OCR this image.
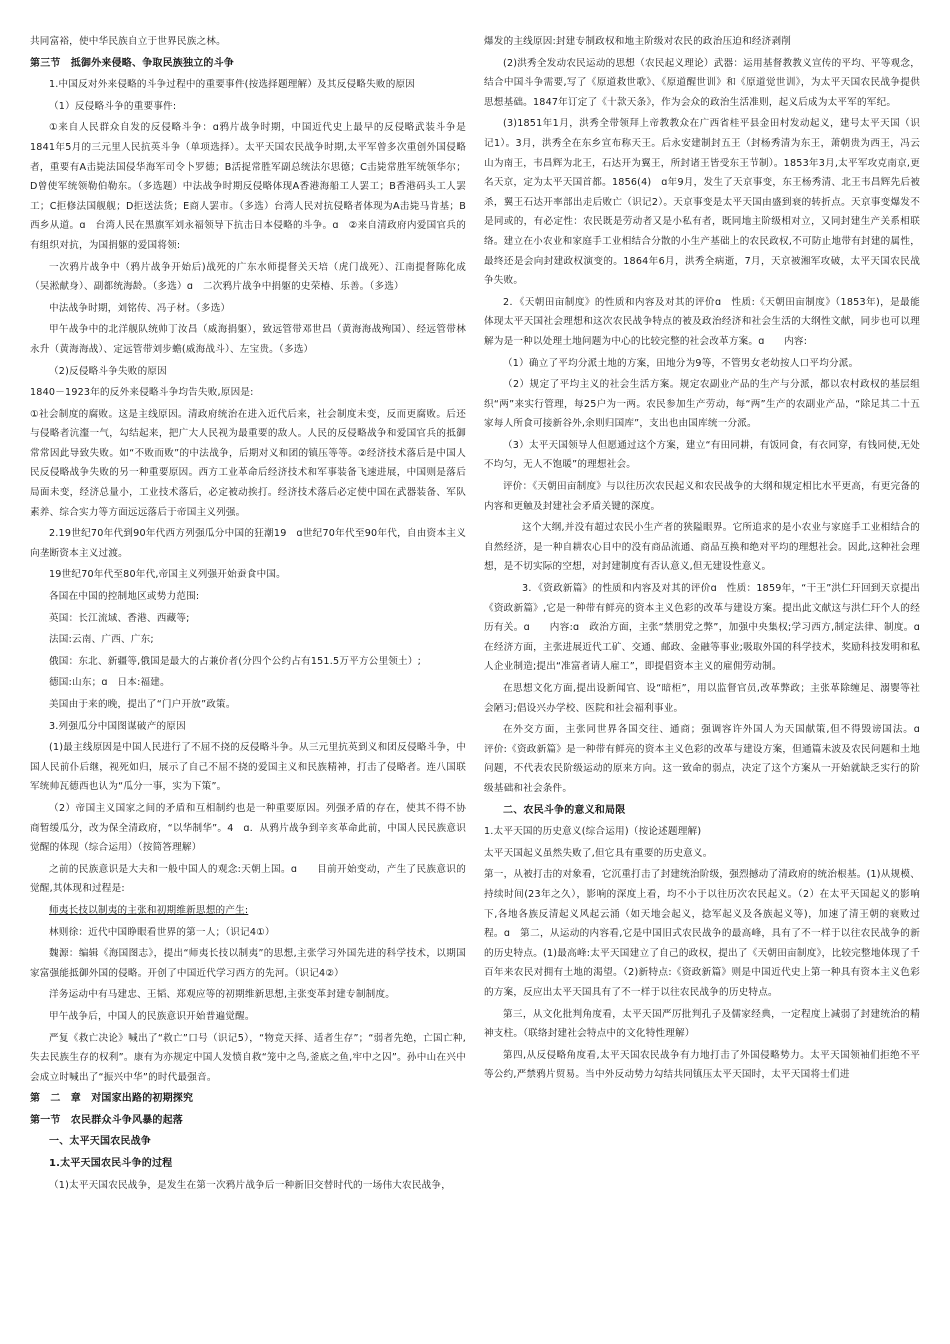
共同富裕，使中华民族自立于世界民族之林。

第三节　抵御外来侵略、争取民族独立的斗争

1.中国反对外来侵略的斗争过程中的重要事件(按选择题理解）及其反侵略失败的原因

（1）反侵略斗争的重要事件:

①来自人民群众自发的反侵略斗争：ɑ鸦片战争时期，中国近代史上最早的反侵略武装斗争是1841年5月的三元里人民抗英斗争（单项选择）。太平天国农民战争时期,太平军曾多次重创外国侵略者，重要有A击毙法国侵华海军司令卜罗德；B活捉常胜军副总统法尔思德；C击毙常胜军统领华尔；D曾使军统领勒伯勒东。（多选题）中法战争时期反侵略体现A香港海船工人罢工；B香港码头工人罢工；C拒修法国舰舰；D拒送法货；E商人罢市。（多选）台湾人民对抗侵略者体现为A击毙马肯基；B西乡从道。ɑ　台湾人民在黑旗军刘永福领导下抗击日本侵略的斗争。ɑ　②来自清政府内爱国官兵的有组织对抗，为国捐躯的爱国将领:

一次鸦片战争中（鸦片战争开始后)战死的广东水师提督关天培（虎门战死）、江南提督陈化成（吴淞献身）、副都统海龄。（多选）ɑ　二次鸦片战争中捐躯的史荣椿、乐善。（多选）

中法战争时期，刘铭传、冯子材。（多选）

甲午战争中的北洋舰队统帅丁汝昌（威海捐躯），致远管带邓世昌（黄海海战殉国）、经远管带林永升（黄海海战）、定远管带刘步蟾(威海战斗）、左宝贵。（多选）

（2)反侵略斗争失败的原因

1840－1923年的反外来侵略斗争均告失败,原因是:

①社会制度的腐败。这是主线原因。清政府统治在进入近代后来，社会制度未变，反而更腐败。后还与侵略者沆瀣一气，勾结起来，把广大人民视为最重要的敌人。人民的反侵略战争和爱国官兵的抵御常常因此导致失败。如“不败而败”的中法战争，后期对义和团的镇压等等。②经济技术落后是中国人民反侵略战争失败的另一种重要原因。西方工业革命后经济技术和军事装备飞速进展，中国则是落后局面未变，经济总量小，工业技术落后，必定被动挨打。经济技术落后必定使中国在武器装备、军队素养、综合实力等方面远远落后于帝国主义列强。

2.19世纪70年代到90年代西方列强瓜分中国的狂潮19　ɑ世纪70年代至90年代，自由资本主义向垄断资本主义过渡。

19世纪70年代至80年代,帝国主义列强开始蚕食中国。

各国在中国的控制地区或势力范围:

英国：长江流域、香港、西藏等;

法国:云南、广西、广东;

俄国：东北、新疆等,俄国是最大的占兼价者(分四个公约占有151.5万平方公里领土）;

德国:山东；ɑ　日本:福建。

美国由于来的晚，提出了“门户开放”政策。

3.列强瓜分中国图谋破产的原因

(1)最主线原因是中国人民进行了不屈不挠的反侵略斗争。从三元里抗英到义和团反侵略斗争，中国人民前仆后继，视死如归，展示了自己不屈不挠的爱国主义和民族精神，打击了侵略者。连八国联军统帅瓦德西也认为“瓜分一事，实为下策”。

（2）帝国主义国家之间的矛盾和互相制约也是一种重要原因。列强矛盾的存在，使其不得不协商暂缓瓜分，改为保全清政府，“以华制华”。4　ɑ．从鸦片战争到辛亥革命此前，中国人民民族意识觉醒的体现（综合运用）（按简答理解）

之前的民族意识是大夫和一般中国人的观念:天朝上国。ɑ　　目前开始变动，产生了民族意识的觉醒,其体现和过程是:

师夷长技以制夷的主张和初期维新思想的产生:

林则徐：近代中国睁眼看世界的第一人；（识记4①）

魏源：编辑《海国图志》，提出“师夷长技以制夷”的思想,主张学习外国先进的科学技术，以期国家富强能抵御外国的侵略。开创了中国近代学习西方的先河。（识记4②）

洋务运动中有马建忠、王韬、郑观应等的初期维新思想,主张变革封建专制制度。

甲午战争后，中国人的民族意识开始普遍觉醒。

严复《救亡决论》喊出了“救亡”口号（识记5），“物竞天择、适者生存”；“弱者先绝，亡国亡种,失去民族生存的权利”。康有为亦规定中国人发愤自救“笼中之鸟,釜底之鱼,牢中之囚”。孙中山在兴中会成立时喊出了“振兴中华”的时代最强音。

第　二　章　对国家出路的初期探究

第一节　农民群众斗争风暴的起落

一、太平天国农民战争

1.太平天国农民斗争的过程

（1)太平天国农民战争，是发生在第一次鸦片战争后一种新旧交替时代的一场伟大农民战争，

爆发的主线原因:封建专制政权和地主阶级对农民的政治压迫和经济剥削

(2)洪秀全发动农民运动的思想（农民起义理论）武器：运用基督教教义宣传的平均、平等观念，结合中国斗争需要,写了《原道救世歌》、《原道醒世训》和《原道觉世训》，为太平天国农民战争提供思想基础。1847年订定了《十款天条》，作为会众的政治生活准则，起义后成为太平军的军纪。

(3)1851年1月，洪秀全带领拜上帝教教众在广西省桂平县金田村发动起义，建号太平天国（识记1）。3月，洪秀全在东乡宣布称天王。后永安建制封五王（封杨秀清为东王，萧朝贵为西王，冯云山为南王，韦昌辉为北王，石达开为翼王，所封诸王皆受东王节制）。1853年3月,太平军攻克南京,更名天京，定为太平天国首都。1856(4)　ɑ年9月，发生了天京事变，东王杨秀清、北王韦昌辉先后被杀，翼王石达开率部出走后败亡（识记2）。天京事变是太平天国由盛到衰的转折点。天京事变爆发不是同或的，有必定性：农民既是劳动者又是小私有者，既同地主阶级相对立，又同封建生产关系相联络。建立在小农业和家庭手工业相结合分散的小生产基础上的农民政权,不可防止地带有封建的属性，最终还是会向封建政权演变的。1864年6月，洪秀全病逝，7月，天京被湘军攻破，太平天国农民战争失败。

2．《天朝田亩制度》的性质和内容及对其的评价ɑ　性质:《天朝田亩制度》（1853年)，是最能体现太平天国社会理想和这次农民战争特点的被及政治经济和社会生活的大纲性文献，同步也可以理解为是一种以处理土地问题为中心的比较完整的社会改革方案。ɑ　　内容:

（1）确立了平均分派土地的方案，田地分为9等，不管男女老幼按人口平均分派。

（2）规定了平均主义的社会生活方案。规定农副业产品的生产与分派，都以农村政权的基层组织“两”来实行管理，每25户为一两。农民参加生产劳动，每“两”生产的农副业产品，“除足其二十五家每人所食可接新谷外,余则归国库”，支出也由国库统一分派。

（3）太平天国领导人但愿通过这个方案，建立“有田同耕，有饭同食，有衣同穿，有钱同使,无处不均匀，无人不饱暖”的理想社会。

评价：《天朝田亩制度》与以往历次农民起义和农民战争的大纲和规定相比水平更高，有更完备的内容和更触及封建社会矛盾关键的深度。

这个大纲,并没有超过农民小生产者的狭隘眼界。它所追求的是小农业与家庭手工业相结合的自然经济，是一种自耕农心目中的没有商品流通、商品互换和绝对平均的理想社会。因此,这种社会理想，是不切实际的空想，对封建制度有否认意义,但无建设性意义。

3．《资政新篇》的性质和内容及对其的评价ɑ　性质：1859年，“干王”洪仁玕回到天京提出《资政新篇》,它是一种带有鲜亮的资本主义色彩的改革与建设方案。提出此文献这与洪仁玕个人的经历有关。ɑ　　内容:ɑ　政治方面，主张“禁朋党之弊”，加强中央集权;学习西方,制定法律、制度。ɑ　　在经济方面，主张进展近代工矿、交通、邮政、金融等事业;吸取外国的科学技术，奖励科技发明和私人企业制造;提出“准富者请人雇工”，即提倡资本主义的雇佣劳动制。

在思想文化方面,提出设新闻官、设“暗柜”，用以监督官员,改革弊政；主张革除缠足、溺婴等社会陋习;倡设兴办学校、医院和社会福利事业。

在外交方面，主张同世界各国交往、通商；强调容许外国人为天国献策,但不得毁谤国法。ɑ　　评价:《资政新篇》是一种带有鲜亮的资本主义色彩的改革与建设方案，但通篇未波及农民问题和土地问题，不代表农民阶级运动的原来方向。这一致命的弱点，决定了这个方案从一开始就缺乏实行的阶级基础和社会条件。

二、农民斗争的意义和局限

1.太平天国的历史意义(综合运用)（按论述题理解)

太平天国起义虽然失败了,但它具有重要的历史意义。

第一，从被打击的对象看，它沉重打击了封建统治阶级，强烈撼动了清政府的统治根基。(1)从规模、持续时间(23年之久），影响的深度上看，均不小于以往历次农民起义。（2）在太平天国起义的影响下,各地各族反清起义风起云涌（如天地会起义，捻军起义及各族起义等)，加速了清王朝的衰败过程。ɑ　第二，从运动的内容看,它是中国旧式农民战争的最高峰，具有了不一样于以往农民战争的新的历史特点。(1)最高峰:太平天国建立了自己的政权，提出了《天朝田亩制度》，比较完整地体现了千百年来农民对拥有土地的渴望。（2)新特点:《资政新篇》则是中国近代史上第一种具有资本主义色彩的方案，反应出太平天国具有了不一样于以往农民战争的历史特点。

第三，从文化批判角度看，太平天国严厉批判孔子及儒家经典，一定程度上减弱了封建统治的精神支柱。（联络封建社会特点中的文化特性理解）

第四,从反侵略角度看,太平天国农民战争有力地打击了外国侵略势力。太平天国领袖们拒绝不平等公约,严禁鸦片贸易。当中外反动势力勾结共同镇压太平天国时，太平天国将士们进
